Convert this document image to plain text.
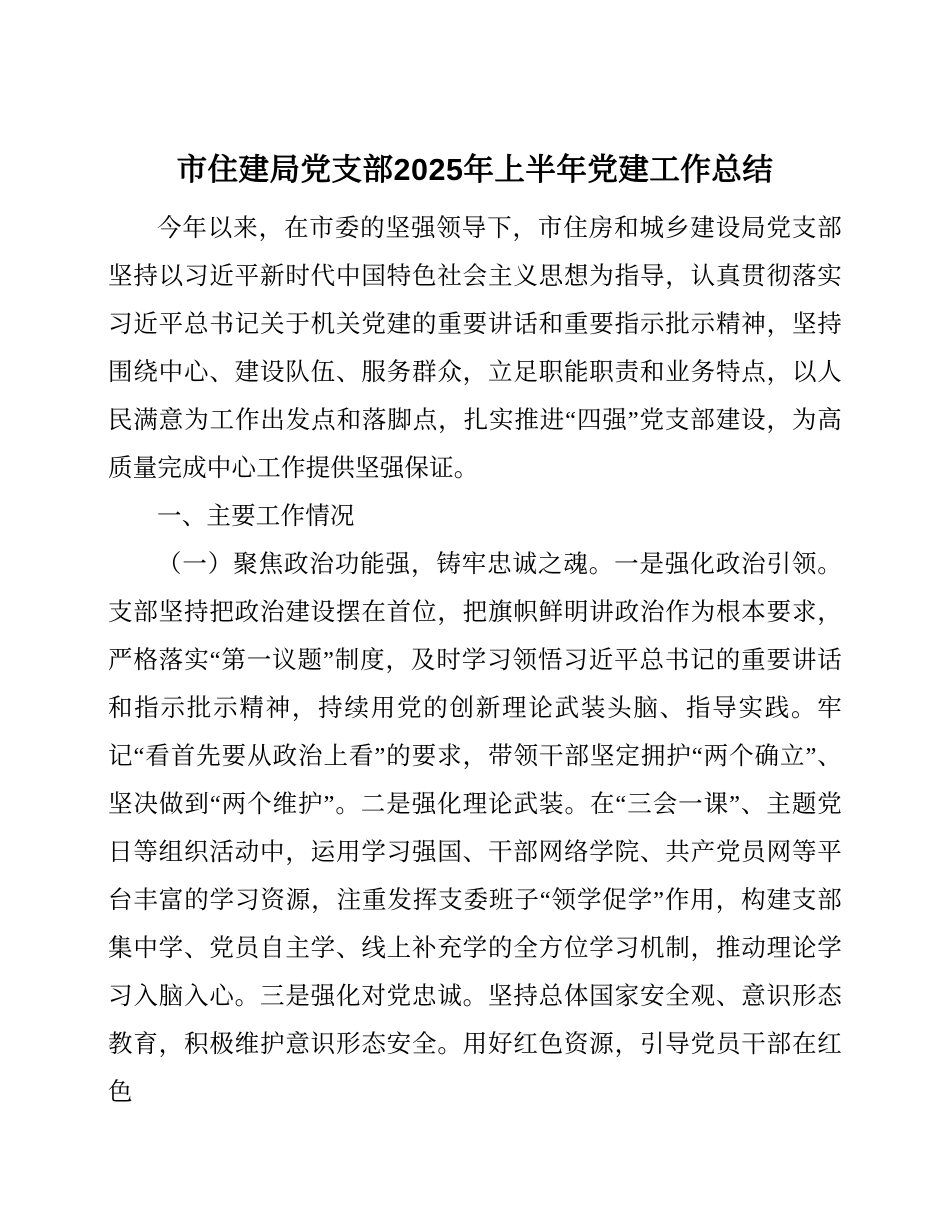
市住建局党支部2025年上半年党建工作总结

今年以来，在市委的坚强领导下，市住房和城乡建设局党支部坚持以习近平新时代中国特色社会主义思想为指导，认真贯彻落实习近平总书记关于机关党建的重要讲话和重要指示批示精神，坚持围绕中心、建设队伍、服务群众，立足职能职责和业务特点，以人民满意为工作出发点和落脚点，扎实推进“四强”党支部建设，为高质量完成中心工作提供坚强保证。

一、主要工作情况

（一）聚焦政治功能强，铸牢忠诚之魂。一是强化政治引领。支部坚持把政治建设摆在首位，把旗帜鲜明讲政治作为根本要求，严格落实“第一议题”制度，及时学习领悟习近平总书记的重要讲话和指示批示精神，持续用党的创新理论武装头脑、指导实践。牢记“看首先要从政治上看”的要求，带领干部坚定拥护“两个确立”、坚决做到“两个维护”。二是强化理论武装。在“三会一课”、主题党日等组织活动中，运用学习强国、干部网络学院、共产党员网等平台丰富的学习资源，注重发挥支委班子“领学促学”作用，构建支部集中学、党员自主学、线上补充学的全方位学习机制，推动理论学习入脑入心。三是强化对党忠诚。坚持总体国家安全观、意识形态教育，积极维护意识形态安全。用好红色资源，引导党员干部在红色
